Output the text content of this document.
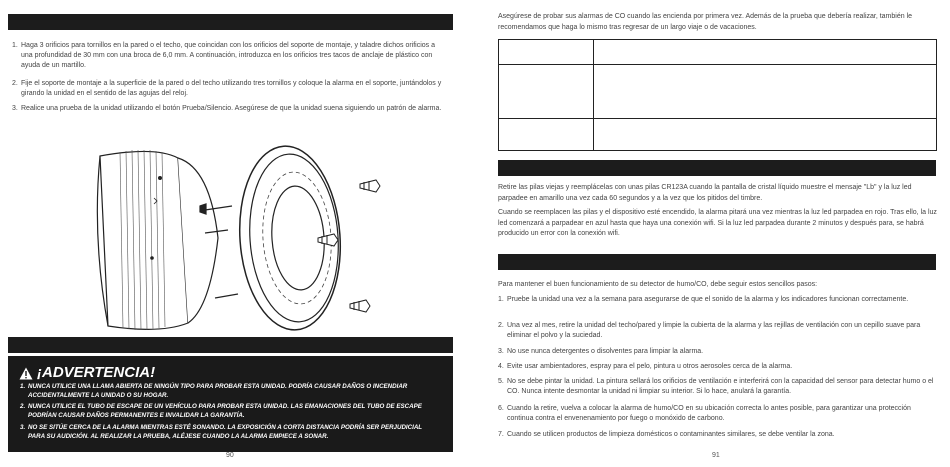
1. Haga 3 orificios para tornillos en la pared o el techo, que coincidan con los orificios del soporte de montaje, y taladre dichos orificios a una profundidad de 30 mm con una broca de 6,0 mm. A continuación, introduzca en los orificios tres tacos de anclaje de plástico con ayuda de un martillo.
2. Fije el soporte de montaje a la superficie de la pared o del techo utilizando tres tornillos y coloque la alarma en el soporte, juntándolos y girando la unidad en el sentido de las agujas del reloj.
3. Realice una prueba de la unidad utilizando el botón Prueba/Silencio. Asegúrese de que la unidad suena siguiendo un patrón de alarma.
¡ADVERTENCIA!
1. NUNCA UTILICE UNA LLAMA ABIERTA DE NINGÚN TIPO PARA PROBAR ESTA UNIDAD. PODRÍA CAUSAR DAÑOS O INCENDIAR ACCIDENTALMENTE LA UNIDAD O SU HOGAR.
2. NUNCA UTILICE EL TUBO DE ESCAPE DE UN VEHÍCULO PARA PROBAR ESTA UNIDAD. LAS EMANACIONES DEL TUBO DE ESCAPE PODRÍAN CAUSAR DAÑOS PERMANENTES E INVALIDAR LA GARANTÍA.
3. NO SE SITÚE CERCA DE LA ALARMA MIENTRAS ESTÉ SONANDO. LA EXPOSICIÓN A CORTA DISTANCIA PODRÍA SER PERJUDICIAL PARA SU AUDICIÓN. AL REALIZAR LA PRUEBA, ALÉJESE CUANDO LA ALARMA EMPIECE A SONAR.
90
Asegúrese de probar sus alarmas de CO cuando las encienda por primera vez. Además de la prueba que debería realizar, también le recomendamos que haga lo mismo tras regresar de un largo viaje o de vacaciones.
Retire las pilas viejas y reemplácelas con unas pilas CR123A cuando la pantalla de cristal líquido muestre el mensaje "Lb" y la luz led parpadee en amarillo una vez cada 60 segundos y a la vez que los pitidos del timbre.
Cuando se reemplacen las pilas y el dispositivo esté encendido, la alarma pitará una vez mientras la luz led parpadea en rojo. Tras ello, la luz led comenzará a parpadear en azul hasta que haya una conexión wifi. Si la luz led parpadea durante 2 minutos y después para, se habrá producido un error con la conexión wifi.
Para mantener el buen funcionamiento de su detector de humo/CO, debe seguir estos sencillos pasos:
1. Pruebe la unidad una vez a la semana para asegurarse de que el sonido de la alarma y los indicadores funcionan correctamente.
2. Una vez al mes, retire la unidad del techo/pared y limpie la cubierta de la alarma y las rejillas de ventilación con un cepillo suave para eliminar el polvo y la suciedad.
3. No use nunca detergentes o disolventes para limpiar la alarma.
4. Evite usar ambientadores, espray para el pelo, pintura u otros aerosoles cerca de la alarma.
5. No se debe pintar la unidad. La pintura sellará los orificios de ventilación e interferirá con la capacidad del sensor para detectar humo o el CO. Nunca intente desmontar la unidad ni limpiar su interior. Si lo hace, anulará la garantía.
6. Cuando la retire, vuelva a colocar la alarma de humo/CO en su ubicación correcta lo antes posible, para garantizar una protección continua contra el envenenamiento por fuego o monóxido de carbono.
7. Cuando se utilicen productos de limpieza domésticos o contaminantes similares, se debe ventilar la zona.
91
